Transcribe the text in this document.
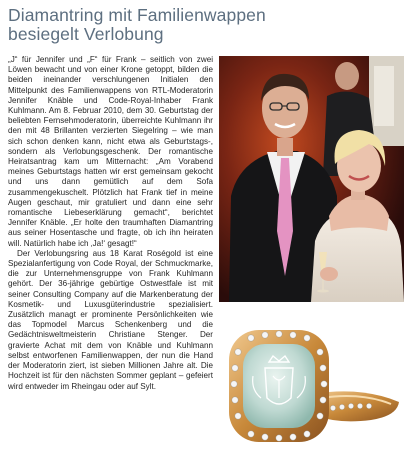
Diamantring mit Familienwappen
besiegelt Verlobung

„J“ für Jennifer und „F“ für Frank – seitlich von zwei Löwen bewacht und von einer Krone getoppt, bilden die beiden ineinander verschlungenen Initialen den Mittelpunkt des Familienwappens von RTL-Moderatorin Jennifer Knäble und Code-Royal-Inhaber Frank Kuhlmann. Am 8. Februar 2010, dem 30. Geburtstag der beliebten Fernsehmoderatorin, überreichte Kuhlmann ihr den mit 48 Brillanten verzierten Siegelring – wie man sich schon denken kann, nicht etwa als Geburtstags-, sondern als Verlobungsgeschenk. Der romantische Heiratsantrag kam um Mitternacht: „Am Vorabend meines Geburtstags hatten wir erst gemeinsam gekocht und uns dann gemütlich auf dem Sofa zusammengekuschelt. Plötzlich hat Frank tief in meine Augen geschaut, mir gratuliert und dann eine sehr romantische Liebeserklärung gemacht“, berichtet Jennifer Knäble. „Er holte den traumhaften Diamantring aus seiner Hosentasche und fragte, ob ich ihn heiraten will. Natürlich habe ich ‚Ja!‘ gesagt!“

Der Verlobungsring aus 18 Karat Roségold ist eine Spezialanfertigung von Code Royal, der Schmuckmarke, die zur Unternehmensgruppe von Frank Kuhlmann gehört. Der 36-jährige gebürtige Ostwestfale ist mit seiner Consulting Company auf die Markenberatung der Kosmetik- und Luxusgüterindustrie spezialisiert. Zusätzlich managt er prominente Persönlichkeiten wie das Topmodel Marcus Schenkenberg und die Gedächtnisweltmeisterin Christiane Stenger. Der gravierte Achat mit dem von Knäble und Kuhlmann selbst entworfenen Familienwappen, der nun die Hand der Moderatorin ziert, ist sieben Millionen Jahre alt. Die Hochzeit ist für den nächsten Sommer geplant – gefeiert wird entweder im Rheingau oder auf Sylt.
